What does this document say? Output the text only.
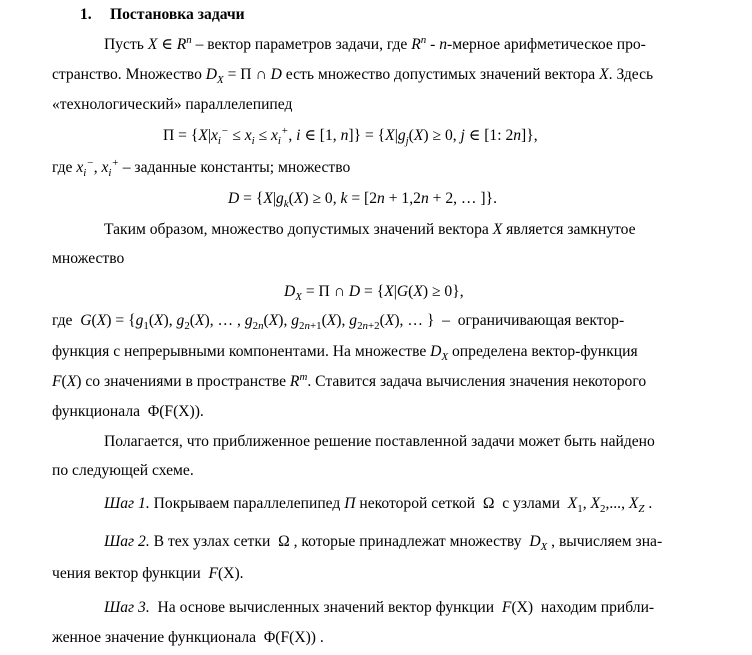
1. Постановка задачи
Пусть X ∈ $R^n$ – вектор параметров задачи, где $R^n$ - n-мерное арифметическое про-
странство. Множество $D_X = \Pi$ ∩ D есть множество допустимых значений вектора X. Здесь
«технологический» параллелепипед
$\Pi = \{X|x_i^- \le x_i \le x_i^+$, i ∈ [1, $n]\} = \{X|g_j(X) \ge 0$, j ∈ [1: 2n]},
где $x_i^-$, $x_i^+$ – заданные константы; множество
$D = \{X|g_k(X) \ge 0$, k = [2n + 1,2n + 2, … ]}.
Таким образом, множество допустимых значений вектора X является замкнутое
множество
$D_X = \Pi$ ∩ D = {X|G(X) ≥ 0},
где  $G(X) = \{g_1(X)$, $g_2(X)$, … , $g_{2n}(X)$, $g_{2n+1}(X)$, $g_{2n+2}(X)$, … }  –  ограничивающая вектор-
функция с непрерывными компонентами. На множестве $D_X$ определена вектор-функция
F(X) со значениями в пространстве $R^m$. Ставится задача вычисления значения некоторого
функционала  Φ(F(X)).
Полагается, что приближенное решение поставленной задачи может быть найдено
по следующей схеме.
Шаг 1. Покрываем параллелепипед П некоторой сеткой  Ω  с узлами  $X_1$, $X_2$,..., $X_Z$ .
Шаг 2. В тех узлах сетки  Ω , которые принадлежат множеству  $D_X$ , вычисляем зна-
чения вектор функции  F(X).
Шаг 3.  На основе вычисленных значений вектор функции  F(X)  находим прибли-
женное значение функционала  Φ(F(X)) .
